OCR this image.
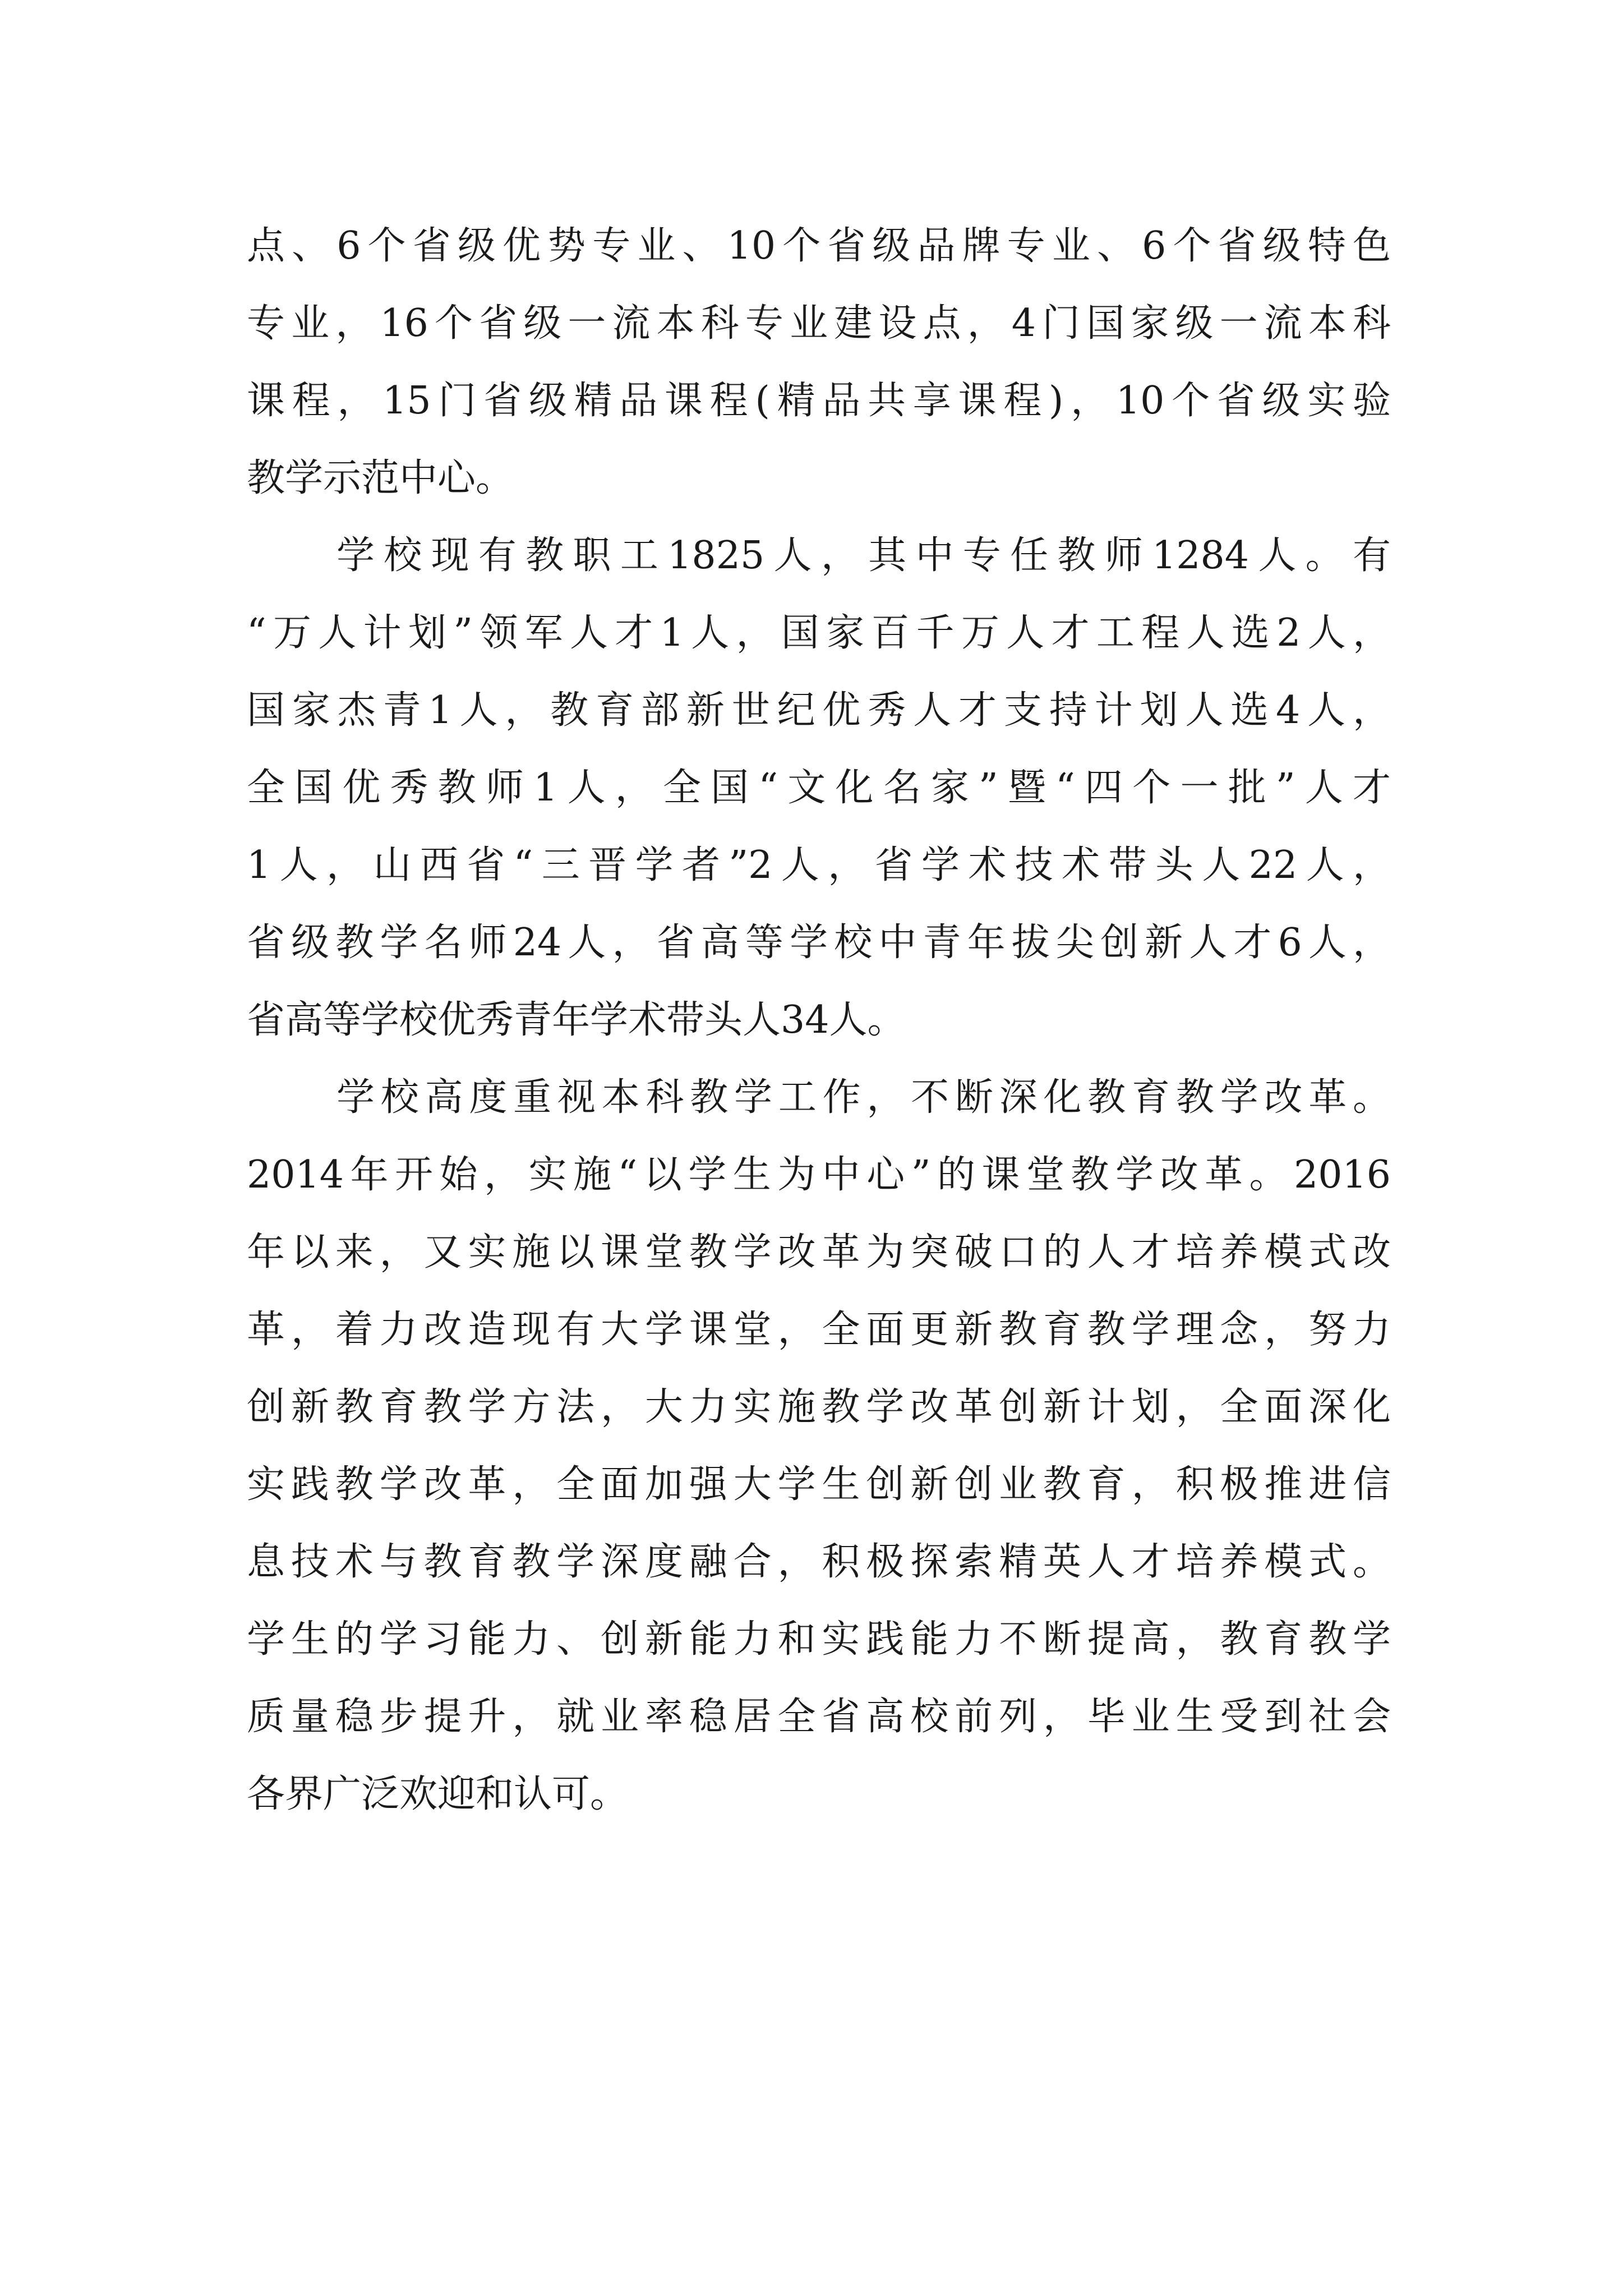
点、6个省级优势专业、10个省级品牌专业、6个省级特色
专业，16个省级一流本科专业建设点，4门国家级一流本科
课程，15门省级精品课程(精品共享课程)，10个省级实验
教学示范中心。
学校现有教职工1825人，其中专任教师1284人。有
“万人计划”领军人才1人，国家百千万人才工程人选2人，
国家杰青1人，教育部新世纪优秀人才支持计划人选4人，
全国优秀教师1人，全国“文化名家”暨“四个一批”人才
1人，山西省“三晋学者”2人，省学术技术带头人22人，
省级教学名师24人，省高等学校中青年拔尖创新人才6人，
省高等学校优秀青年学术带头人34人。
学校高度重视本科教学工作，不断深化教育教学改革。
2014年开始，实施“以学生为中心”的课堂教学改革。2016
年以来，又实施以课堂教学改革为突破口的人才培养模式改
革，着力改造现有大学课堂，全面更新教育教学理念，努力
创新教育教学方法，大力实施教学改革创新计划，全面深化
实践教学改革，全面加强大学生创新创业教育，积极推进信
息技术与教育教学深度融合，积极探索精英人才培养模式。
学生的学习能力、创新能力和实践能力不断提高，教育教学
质量稳步提升，就业率稳居全省高校前列，毕业生受到社会
各界广泛欢迎和认可。
